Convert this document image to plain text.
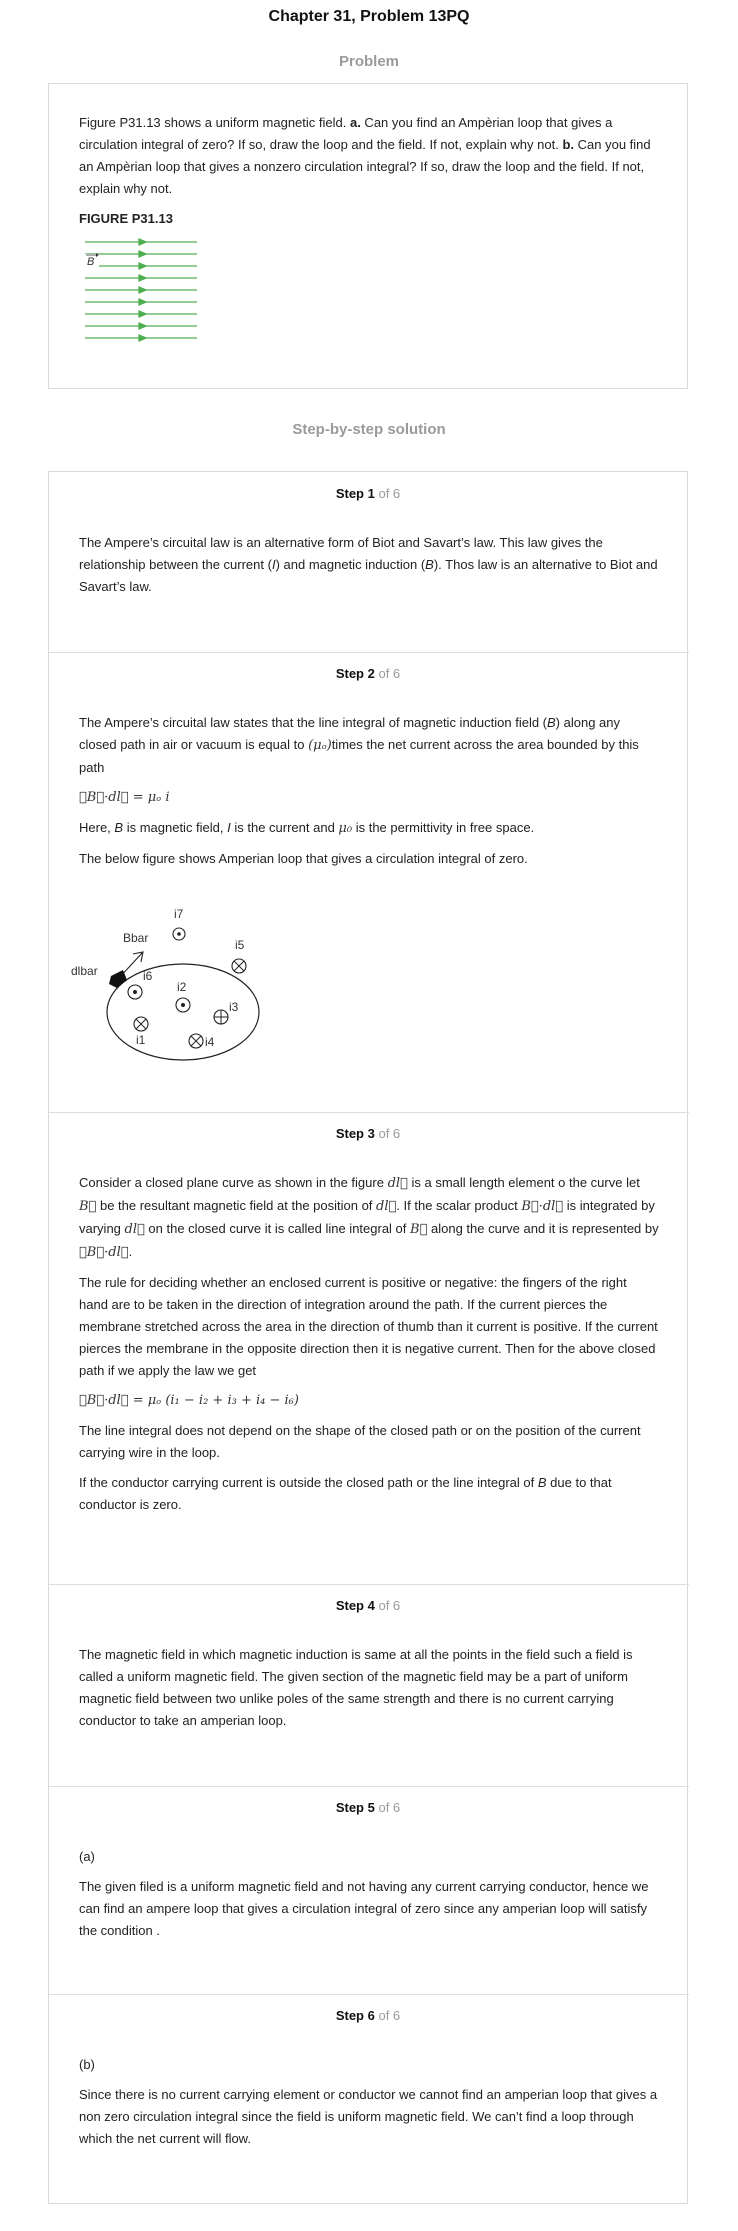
Chapter 31, Problem 13PQ
Problem
Figure P31.13 shows a uniform magnetic field. a. Can you find an Ampèrian loop that gives a circulation integral of zero? If so, draw the loop and the field. If not, explain why not. b. Can you find an Ampèrian loop that gives a nonzero circulation integral? If so, draw the loop and the field. If not, explain why not.
FIGURE P31.13
B
Step-by-step solution
Step 1 of 6

The Ampere’s circuital law is an alternative form of Biot and Savart’s law. This law gives the relationship between the current (I) and magnetic induction (B). Thos law is an alternative to Biot and Savart’s law.

Step 2 of 6

The Ampere’s circuital law states that the line integral of magnetic induction field (B) along any closed path in air or vacuum is equal to (μₒ)times the net current across the area bounded by this path

∮B⃗·dl⃗ = μₒ i

Here, B is magnetic field, I is the current and μ₀ is the permittivity in free space.

The below figure shows Amperian loop that gives a circulation integral of zero.

Bbar
dlbar
i7
i5
i6
i2
i3
i1	i4
Step 3 of 6

Consider a closed plane curve as shown in the figure dl⃗ is a small length element o the curve let B⃗ be the resultant magnetic field at the position of dl⃗. If the scalar product B⃗·dl⃗ is integrated by varying dl⃗ on the closed curve it is called line integral of B⃗ along the curve and it is represented by ∮B⃗·dl⃗.

The rule for deciding whether an enclosed current is positive or negative: the fingers of the right hand are to be taken in the direction of integration around the path. If the current pierces the membrane stretched across the area in the direction of thumb than it current is positive. If the current pierces the membrane in the opposite direction then it is negative current. Then for the above closed path if we apply the law we get

∮B⃗·dl⃗ = μₒ (i₁ − i₂ + i₃ + i₄ − i₆)

The line integral does not depend on the shape of the closed path or on the position of the current carrying wire in the loop.

If the conductor carrying current is outside the closed path or the line integral of B due to that conductor is zero.

Step 4 of 6

The magnetic field in which magnetic induction is same at all the points in the field such a field is called a uniform magnetic field. The given section of the magnetic field may be a part of uniform magnetic field between two unlike poles of the same strength and there is no current carrying conductor to take an amperian loop.

Step 5 of 6

(a)

The given filed is a uniform magnetic field and not having any current carrying conductor, hence we can find an ampere loop that gives a circulation integral of zero since any amperian loop will satisfy the condition .

Step 6 of 6

(b)

Since there is no current carrying element or conductor we cannot find an amperian loop that gives a non zero circulation integral since the field is uniform magnetic field. We can’t find a loop through which the net current will flow.
